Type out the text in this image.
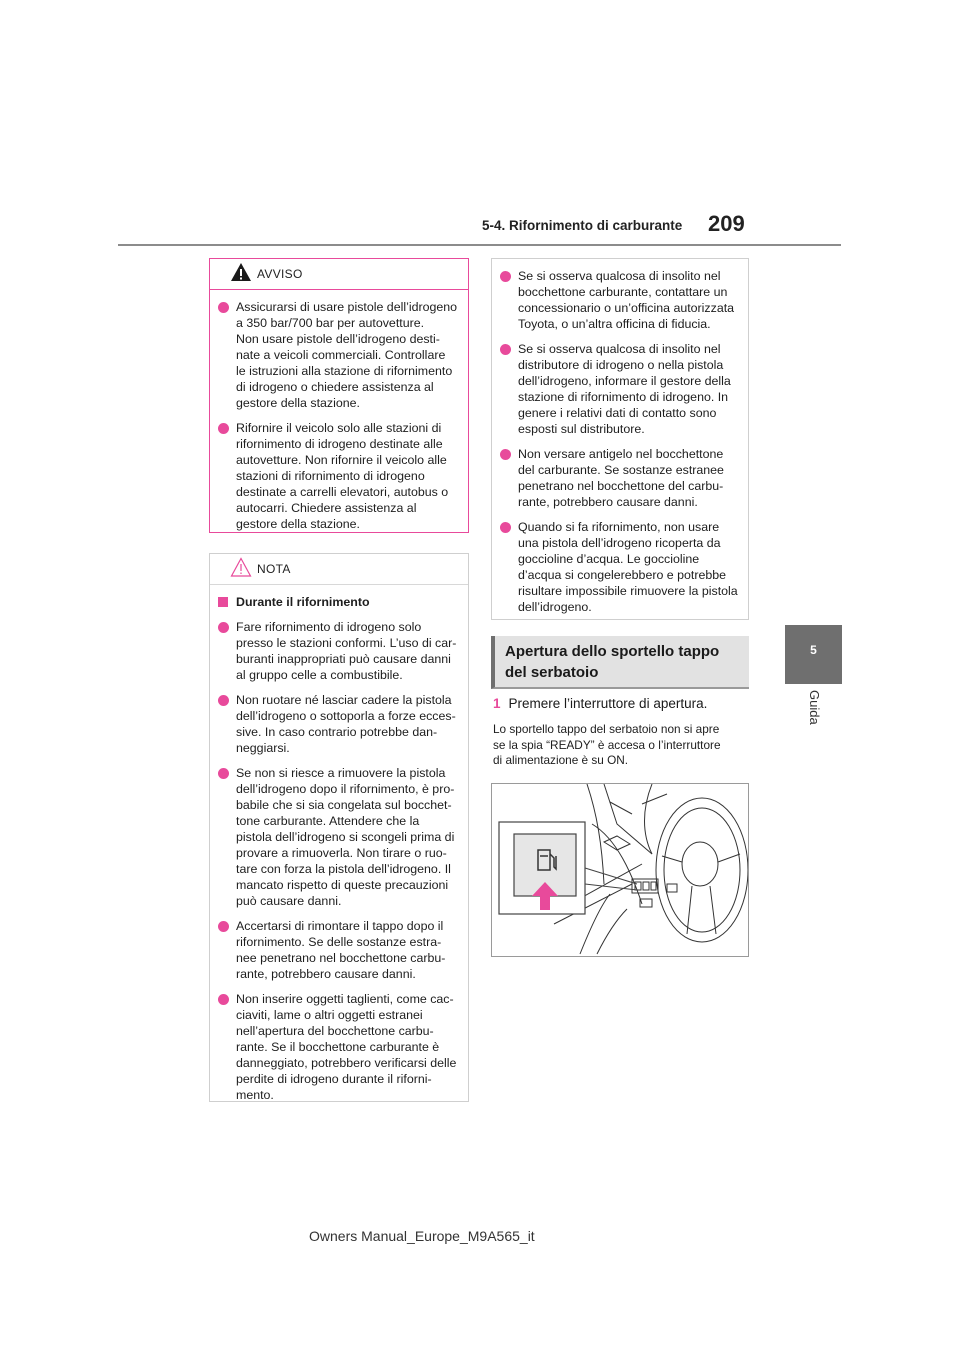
5-4. Rifornimento di carburante 209
5
Guida
AVVISO
Assicurarsi di usare pistole dell’idrogeno
a 350 bar/700 bar per autovetture.
Non usare pistole dell’idrogeno desti-
nate a veicoli commerciali. Controllare
le istruzioni alla stazione di rifornimento
di idrogeno o chiedere assistenza al
gestore della stazione.
Rifornire il veicolo solo alle stazioni di
rifornimento di idrogeno destinate alle
autovetture. Non rifornire il veicolo alle
stazioni di rifornimento di idrogeno
destinate a carrelli elevatori, autobus o
autocarri. Chiedere assistenza al
gestore della stazione.
NOTA
Durante il rifornimento
Fare rifornimento di idrogeno solo
presso le stazioni conformi. L’uso di car-
buranti inappropriati può causare danni
al gruppo celle a combustibile.
Non ruotare né lasciar cadere la pistola
dell’idrogeno o sottoporla a forze ecces-
sive. In caso contrario potrebbe dan-
neggiarsi.
Se non si riesce a rimuovere la pistola
dell’idrogeno dopo il rifornimento, è pro-
babile che si sia congelata sul bocchet-
tone carburante. Attendere che la
pistola dell’idrogeno si scongeli prima di
provare a rimuoverla. Non tirare o ruo-
tare con forza la pistola dell’idrogeno. Il
mancato rispetto di queste precauzioni
può causare danni.
Accertarsi di rimontare il tappo dopo il
rifornimento. Se delle sostanze estra-
nee penetrano nel bocchettone carbu-
rante, potrebbero causare danni.
Non inserire oggetti taglienti, come cac-
ciaviti, lame o altri oggetti estranei
nell’apertura del bocchettone carbu-
rante. Se il bocchettone carburante è
danneggiato, potrebbero verificarsi delle
perdite di idrogeno durante il riforni-
mento.
Se si osserva qualcosa di insolito nel
bocchettone carburante, contattare un
concessionario o un’officina autorizzata
Toyota, o un’altra officina di fiducia.
Se si osserva qualcosa di insolito nel
distributore di idrogeno o nella pistola
dell’idrogeno, informare il gestore della
stazione di rifornimento di idrogeno. In
genere i relativi dati di contatto sono
esposti sul distributore.
Non versare antigelo nel bocchettone
del carburante. Se sostanze estranee
penetrano nel bocchettone del carbu-
rante, potrebbero causare danni.
Quando si fa rifornimento, non usare
una pistola dell’idrogeno ricoperta da
goccioline d’acqua. Le goccioline
d’acqua si congelerebbero e potrebbe
risultare impossibile rimuovere la pistola
dell’idrogeno.
Apertura dello sportello tappo
del serbatoio
1 Premere l’interruttore di apertura.
Lo sportello tappo del serbatoio non si apre
se la spia “READY” è accesa o l’interruttore
di alimentazione è su ON.
Owners Manual_Europe_M9A565_it
